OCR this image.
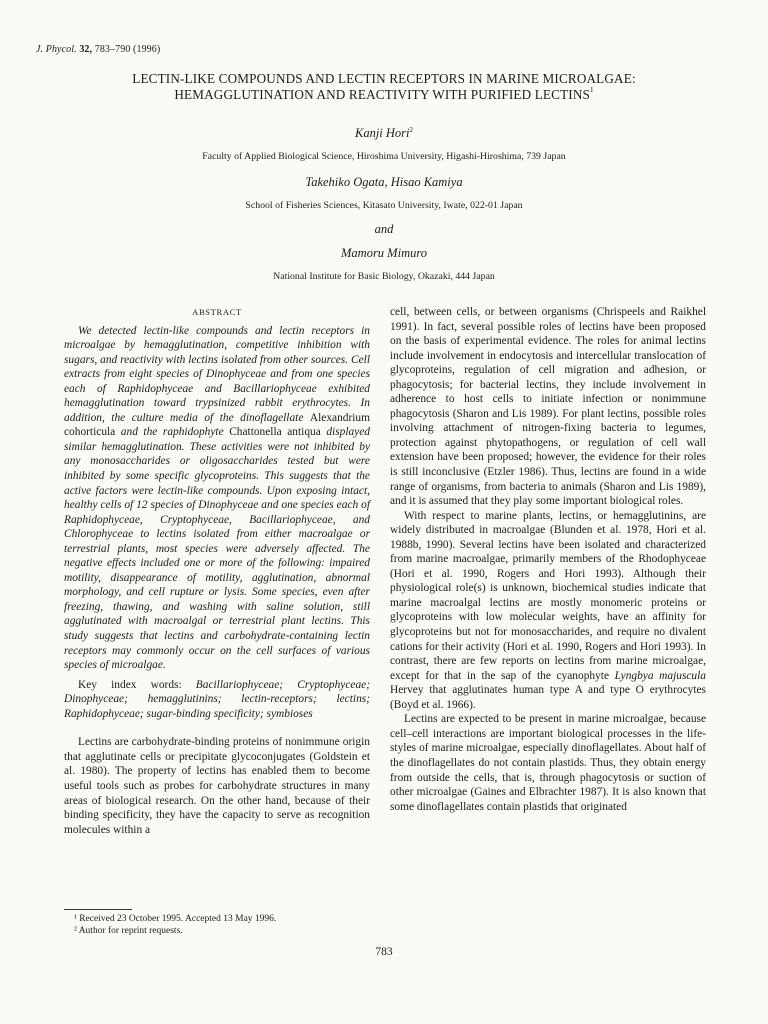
J. Phycol. 32, 783–790 (1996)
LECTIN-LIKE COMPOUNDS AND LECTIN RECEPTORS IN MARINE MICROALGAE:
HEMAGGLUTINATION AND REACTIVITY WITH PURIFIED LECTINS$^1$
Kanji Hori$^2$
Faculty of Applied Biological Science, Hiroshima University, Higashi-Hiroshima, 739 Japan
Takehiko Ogata, Hisao Kamiya
School of Fisheries Sciences, Kitasato University, Iwate, 022-01 Japan
and
Mamoru Mimuro
National Institute for Basic Biology, Okazaki, 444 Japan
ABSTRACT

We detected lectin-like compounds and lectin receptors in microalgae by hemagglutination, competitive inhibition with sugars, and reactivity with lectins isolated from other sources. Cell extracts from eight species of Dinophyceae and from one species each of Raphidophyceae and Bacillariophyceae exhibited hemagglutination toward trypsinized rabbit erythrocytes. In addition, the culture media of the dinoflagellate Alexandrium cohorticula and the raphidophyte Chattonella antiqua displayed similar hemagglutination. These activities were not inhibited by any monosaccharides or oligosaccharides tested but were inhibited by some specific glycoproteins. This suggests that the active factors were lectin-like compounds. Upon exposing intact, healthy cells of 12 species of Dinophyceae and one species each of Raphidophyceae, Cryptophyceae, Bacillariophyceae, and Chlorophyceae to lectins isolated from either macroalgae or terrestrial plants, most species were adversely affected. The negative effects included one or more of the following: impaired motility, disappearance of motility, agglutination, abnormal morphology, and cell rupture or lysis. Some species, even after freezing, thawing, and washing with saline solution, still agglutinated with macroalgal or terrestrial plant lectins. This study suggests that lectins and carbohydrate-containing lectin receptors may commonly occur on the cell surfaces of various species of microalgae.

Key index words: Bacillariophyceae; Cryptophyceae; Dinophyceae; hemagglutinins; lectin-receptors; lectins; Raphidophyceae; sugar-binding specificity; symbioses

Lectins are carbohydrate-binding proteins of nonimmune origin that agglutinate cells or precipitate glycoconjugates (Goldstein et al. 1980). The property of lectins has enabled them to become useful tools such as probes for carbohydrate structures in many areas of biological research. On the other hand, because of their binding specificity, they have the capacity to serve as recognition molecules within a

cell, between cells, or between organisms (Chrispeels and Raikhel 1991). In fact, several possible roles of lectins have been proposed on the basis of experimental evidence. The roles for animal lectins include involvement in endocytosis and intercellular translocation of glycoproteins, regulation of cell migration and adhesion, or phagocytosis; for bacterial lectins, they include involvement in adherence to host cells to initiate infection or nonimmune phagocytosis (Sharon and Lis 1989). For plant lectins, possible roles involving attachment of nitrogen-fixing bacteria to legumes, protection against phytopathogens, or regulation of cell wall extension have been proposed; however, the evidence for their roles is still inconclusive (Etzler 1986). Thus, lectins are found in a wide range of organisms, from bacteria to animals (Sharon and Lis 1989), and it is assumed that they play some important biological roles.

With respect to marine plants, lectins, or hemagglutinins, are widely distributed in macroalgae (Blunden et al. 1978, Hori et al. 1988b, 1990). Several lectins have been isolated and characterized from marine macroalgae, primarily members of the Rhodophyceae (Hori et al. 1990, Rogers and Hori 1993). Although their physiological role(s) is unknown, biochemical studies indicate that marine macroalgal lectins are mostly monomeric proteins or glycoproteins with low molecular weights, have an affinity for glycoproteins but not for monosaccharides, and require no divalent cations for their activity (Hori et al. 1990, Rogers and Hori 1993). In contrast, there are few reports on lectins from marine microalgae, except for that in the sap of the cyanophyte Lyngbya majuscula Hervey that agglutinates human type A and type O erythrocytes (Boyd et al. 1966).

Lectins are expected to be present in marine microalgae, because cell–cell interactions are important biological processes in the life-styles of marine microalgae, especially dinoflagellates. About half of the dinoflagellates do not contain plastids. Thus, they obtain energy from outside the cells, that is, through phagocytosis or suction of other microalgae (Gaines and Elbrachter 1987). It is also known that some dinoflagellates contain plastids that originated

¹ Received 23 October 1995. Accepted 13 May 1996.
² Author for reprint requests.
783
